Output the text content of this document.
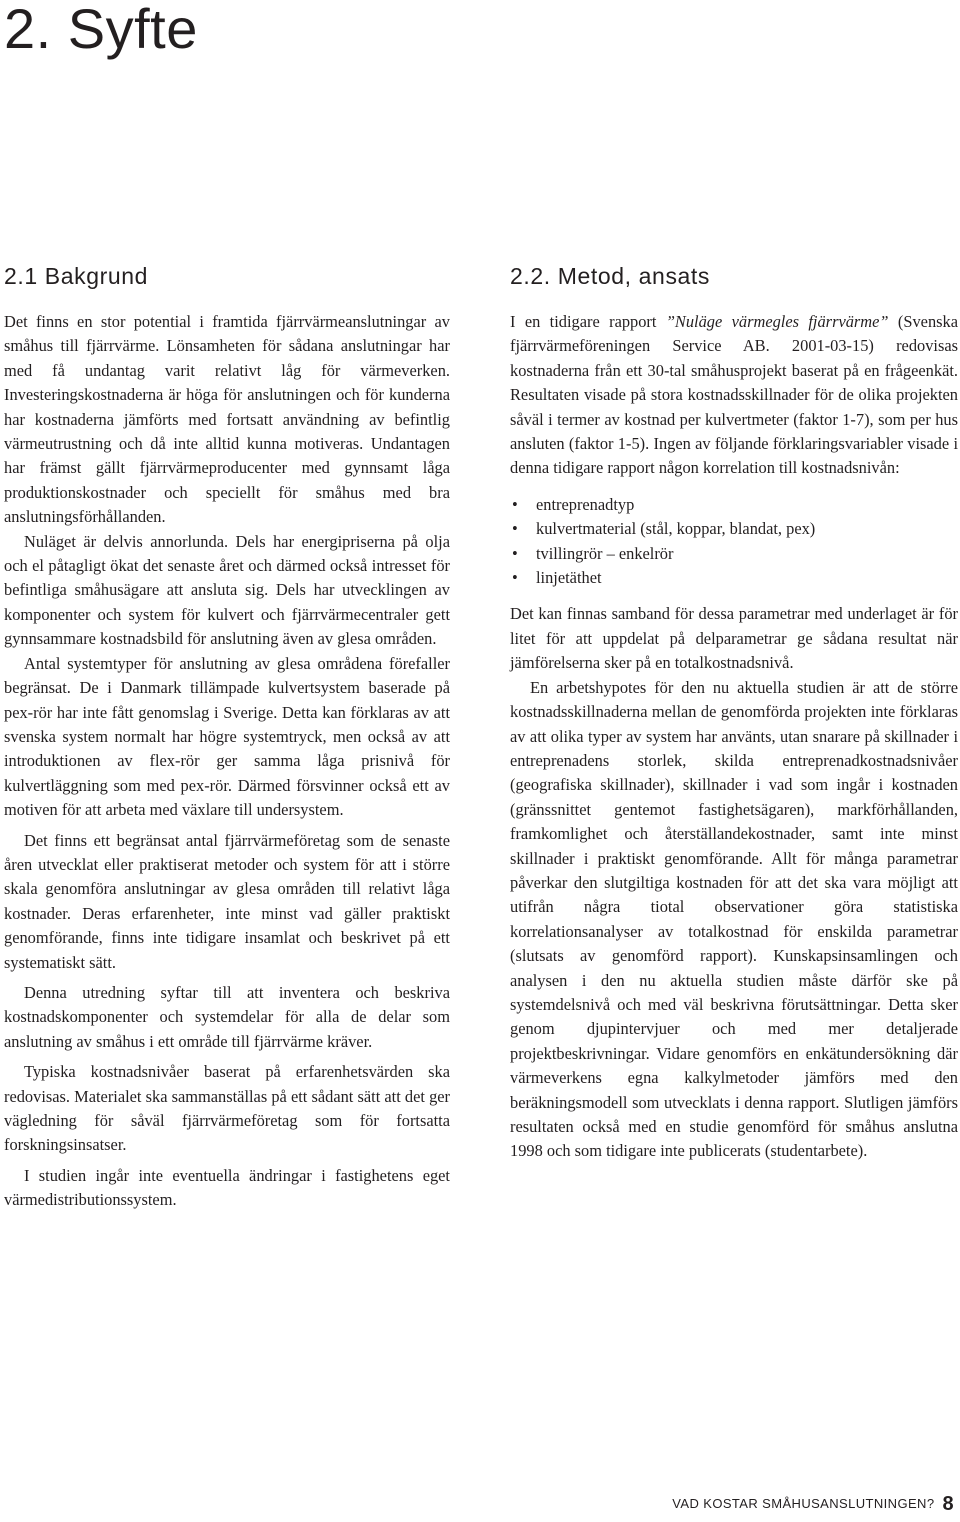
2. Syfte
2.1 Bakgrund

Det finns en stor potential i framtida fjärrvärmeanslutningar av småhus till fjärrvärme. Lönsamheten för sådana anslutningar har med få undantag varit relativt låg för värmeverken. Investeringskostnaderna är höga för anslutningen och för kunderna har kostnaderna jämförts med fortsatt användning av befintlig värmeutrustning och då inte alltid kunna motiveras. Undantagen har främst gällt fjärrvärmeproducenter med gynnsamt låga produktionskostnader och speciellt för småhus med bra anslutningsförhållanden.

Nuläget är delvis annorlunda. Dels har energipriserna på olja och el påtagligt ökat det senaste året och därmed också intresset för befintliga småhusägare att ansluta sig. Dels har utvecklingen av komponenter och system för kulvert och fjärrvärmecentraler gett gynnsammare kostnadsbild för anslutning även av glesa områden.

Antal systemtyper för anslutning av glesa områdena förefaller begränsat. De i Danmark tillämpade kulvertsystem baserade på pex-rör har inte fått genomslag i Sverige. Detta kan förklaras av att svenska system normalt har högre systemtryck, men också av att introduktionen av flex-rör ger samma låga prisnivå för kulvertläggning som med pex-rör. Därmed försvinner också ett av motiven för att arbeta med växlare till undersystem.

Det finns ett begränsat antal fjärrvärmeföretag som de senaste åren utvecklat eller praktiserat metoder och system för att i större skala genomföra anslutningar av glesa områden till relativt låga kostnader. Deras erfarenheter, inte minst vad gäller praktiskt genomförande, finns inte tidigare insamlat och beskrivet på ett systematiskt sätt.

Denna utredning syftar till att inventera och beskriva kostnadskomponenter och systemdelar för alla de delar som anslutning av småhus i ett område till fjärrvärme kräver.

Typiska kostnadsnivåer baserat på erfarenhetsvärden ska redovisas. Materialet ska sammanställas på ett sådant sätt att det ger vägledning för såväl fjärrvärmeföretag som för fortsatta forskningsinsatser.

I studien ingår inte eventuella ändringar i fastighetens eget värmedistributionssystem.

2.2. Metod, ansats

I en tidigare rapport ”Nuläge värmegles fjärrvärme” (Svenska fjärrvärmeföreningen Service AB. 2001-03-15) redovisas kostnaderna från ett 30-tal småhusprojekt baserat på en frågeenkät. Resultaten visade på stora kostnadsskillnader för de olika projekten såväl i termer av kostnad per kulvertmeter (faktor 1-7), som per hus ansluten (faktor 1-5). Ingen av följande förklaringsvariabler visade i denna tidigare rapport någon korrelation till kostnadsnivån:

• entreprenadtyp
• kulvertmaterial (stål, koppar, blandat, pex)
• tvillingrör – enkelrör
• linjetäthet

Det kan finnas samband för dessa parametrar med underlaget är för litet för att uppdelat på delparametrar ge sådana resultat när jämförelserna sker på en totalkostnadsnivå.

En arbetshypotes för den nu aktuella studien är att de större kostnadsskillnaderna mellan de genomförda projekten inte förklaras av att olika typer av system har använts, utan snarare på skillnader i entreprenadens storlek, skilda entreprenadkostnadsnivåer (geografiska skillnader), skillnader i vad som ingår i kostnaden (gränssnittet gentemot fastighetsägaren), markförhållanden, framkomlighet och återställandekostnader, samt inte minst skillnader i praktiskt genomförande. Allt för många parametrar påverkar den slutgiltiga kostnaden för att det ska vara möjligt att utifrån några tiotal observationer göra statistiska korrelationsanalyser av totalkostnad för enskilda parametrar (slutsats av genomförd rapport). Kunskapsinsamlingen och analysen i den nu aktuella studien måste därför ske på systemdelsnivå och med väl beskrivna förutsättningar. Detta sker genom djupintervjuer och med mer detaljerade projektbeskrivningar. Vidare genomförs en enkätundersökning där värmeverkens egna kalkylmetoder jämförs med den beräkningsmodell som utvecklats i denna rapport. Slutligen jämförs resultaten också med en studie genomförd för småhus anslutna 1998 och som tidigare inte publicerats (studentarbete).

VAD KOSTAR SMÅHUSANSLUTNINGEN? 8
